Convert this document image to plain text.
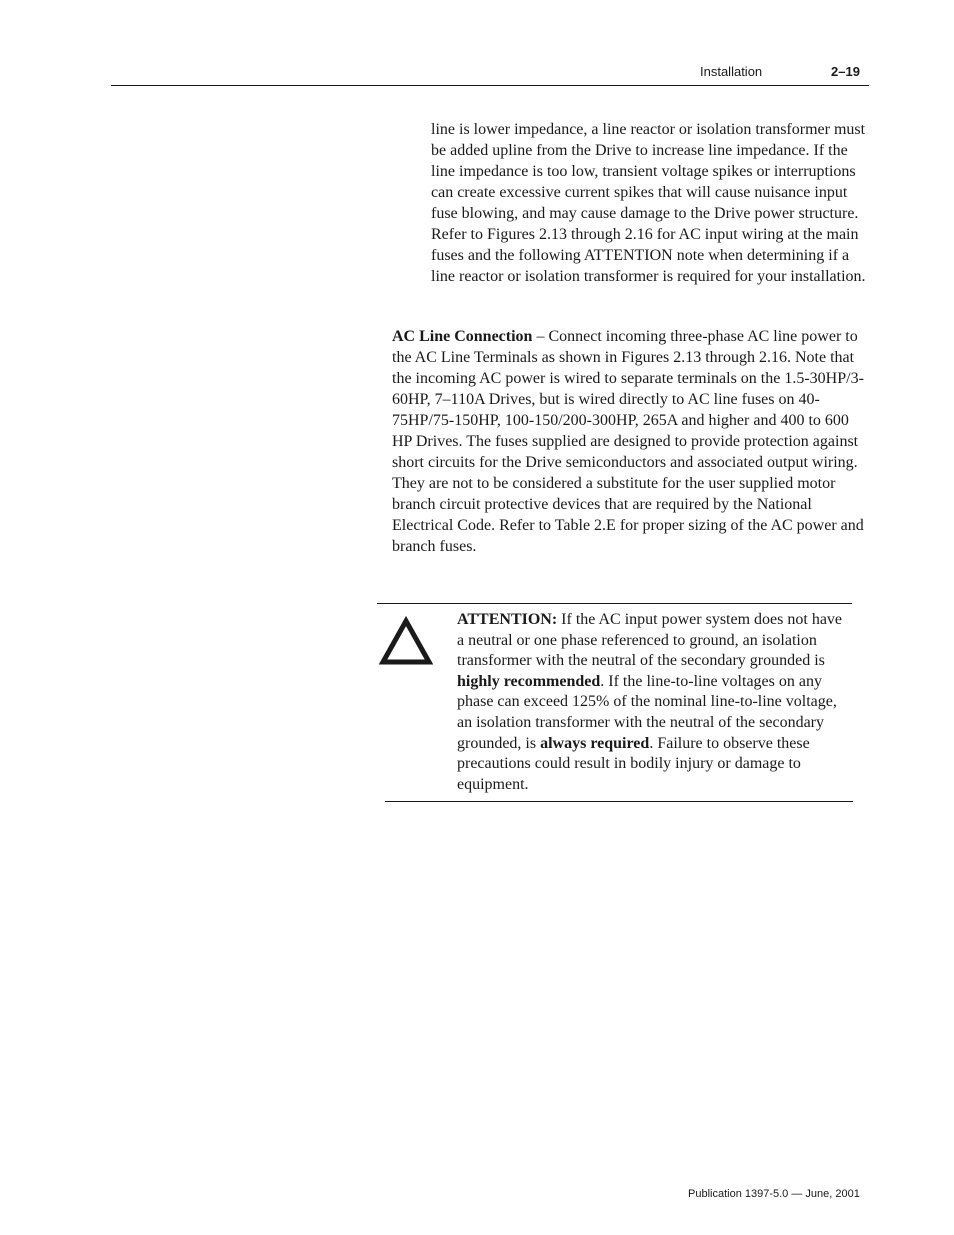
Installation	2–19

line is lower impedance, a line reactor or isolation transformer must be added upline from the Drive to increase line impedance. If the line impedance is too low, transient voltage spikes or interruptions can create excessive current spikes that will cause nuisance input fuse blowing, and may cause damage to the Drive power structure. Refer to Figures 2.13 through 2.16 for AC input wiring at the main fuses and the following ATTENTION note when determining if a line reactor or isolation transformer is required for your installation.

AC Line Connection – Connect incoming three-phase AC line power to the AC Line Terminals as shown in Figures 2.13 through 2.16. Note that the incoming AC power is wired to separate terminals on the 1.5-30HP/3-60HP, 7–110A Drives, but is wired directly to AC line fuses on 40-75HP/75-150HP, 100-150/200-300HP, 265A and higher and 400 to 600 HP Drives. The fuses supplied are designed to provide protection against short circuits for the Drive semiconductors and associated output wiring. They are not to be considered a substitute for the user supplied motor branch circuit protective devices that are required by the National Electrical Code. Refer to Table 2.E for proper sizing of the AC power and branch fuses.

ATTENTION: If the AC input power system does not have a neutral or one phase referenced to ground, an isolation transformer with the neutral of the secondary grounded is highly recommended. If the line-to-line voltages on any phase can exceed 125% of the nominal line-to-line voltage, an isolation transformer with the neutral of the secondary grounded, is always required. Failure to observe these precautions could result in bodily injury or damage to equipment.

Publication 1397-5.0 — June, 2001
